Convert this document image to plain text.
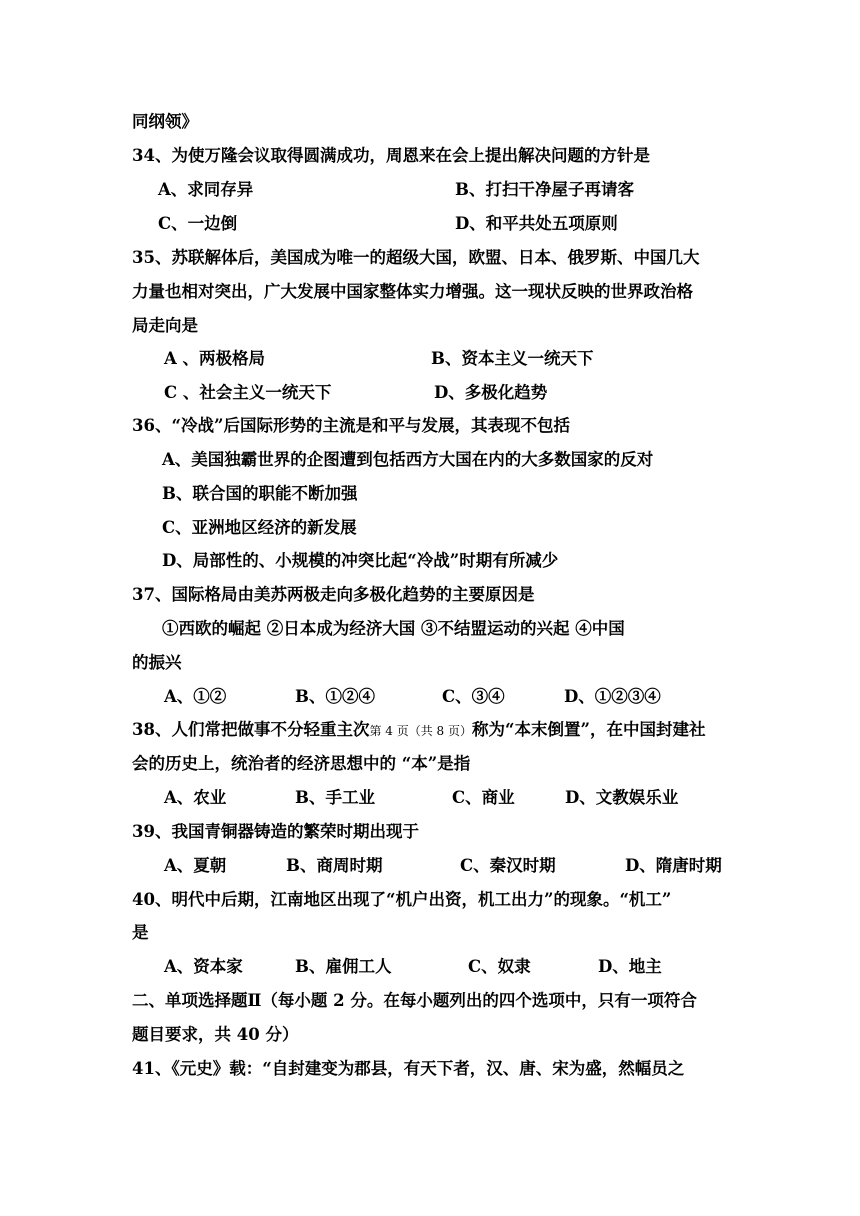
同纲领》
34、为使万隆会议取得圆满成功，周恩来在会上提出解决问题的方针是
A、求同存异	B、打扫干净屋子再请客
C、一边倒	D、和平共处五项原则
35、苏联解体后，美国成为唯一的超级大国，欧盟、日本、俄罗斯、中国几大
力量也相对突出，广大发展中国家整体实力增强。这一现状反映的世界政治格
局走向是
A 、两极格局	B、资本主义一统天下
C 、社会主义一统天下	D、多极化趋势
36、“冷战”后国际形势的主流是和平与发展，其表现不包括
A、美国独霸世界的企图遭到包括西方大国在内的大多数国家的反对
B、联合国的职能不断加强
C、亚洲地区经济的新发展
D、局部性的、小规模的冲突比起“冷战”时期有所减少
37、国际格局由美苏两极走向多极化趋势的主要原因是
①西欧的崛起 ②日本成为经济大国 ③不结盟运动的兴起 ④中国
的振兴
A、①②	B、①②④	C、③④	D、①②③④
38、人们常把做事不分轻重主次第 4 页（共 8 页）称为“本末倒置”，在中国封建社
会的历史上，统治者的经济思想中的 “本”是指
A、农业	B、手工业	C、商业	D、文教娱乐业
39、我国青铜器铸造的繁荣时期出现于
A、夏朝	B、商周时期	C、秦汉时期	D、隋唐时期
40、明代中后期，江南地区出现了“机户出资，机工出力”的现象。“机工”
是
A、资本家	B、雇佣工人	C、奴隶	D、地主
二、单项选择题Ⅱ（每小题 2 分。在每小题列出的四个选项中，只有一项符合
题目要求，共 40 分）
41、《元史》载：“自封建变为郡县，有天下者，汉、唐、宋为盛，然幅员之
